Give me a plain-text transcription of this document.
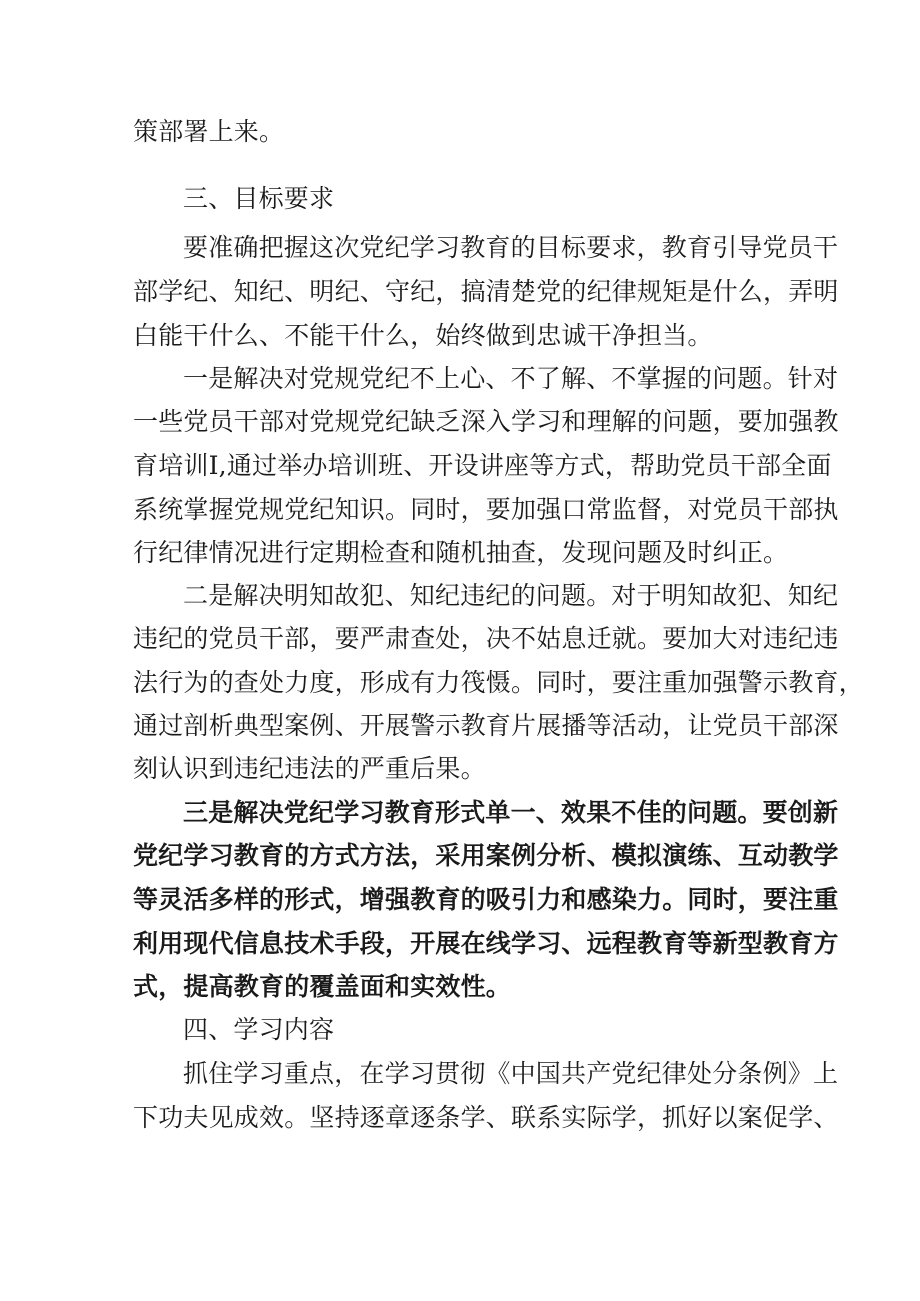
策部署上来。
三、目标要求
要准确把握这次党纪学习教育的目标要求，教育引导党员干
部学纪、知纪、明纪、守纪，搞清楚党的纪律规矩是什么，弄明
白能干什么、不能干什么，始终做到忠诚干净担当。
一是解决对党规党纪不上心、不了解、不掌握的问题。针对
一些党员干部对党规党纪缺乏深入学习和理解的问题，要加强教
育培训I,通过举办培训班、开设讲座等方式，帮助党员干部全面
系统掌握党规党纪知识。同时，要加强口常监督，对党员干部执
行纪律情况进行定期检查和随机抽查，发现问题及时纠正。
二是解决明知故犯、知纪违纪的问题。对于明知故犯、知纪
违纪的党员干部，要严肃查处，决不姑息迁就。要加大对违纪违
法行为的查处力度，形成有力筏慑。同时，要注重加强警示教育，
通过剖析典型案例、开展警示教育片展播等活动，让党员干部深
刻认识到违纪违法的严重后果。
三是解决党纪学习教育形式单一、效果不佳的问题。要创新
党纪学习教育的方式方法，采用案例分析、模拟演练、互动教学
等灵活多样的形式，增强教育的吸引力和感染力。同时，要注重
利用现代信息技术手段，开展在线学习、远程教育等新型教育方
式，提高教育的覆盖面和实效性。
四、学习内容
抓住学习重点，在学习贯彻《中国共产党纪律处分条例》上
下功夫见成效。坚持逐章逐条学、联系实际学，抓好以案促学、
